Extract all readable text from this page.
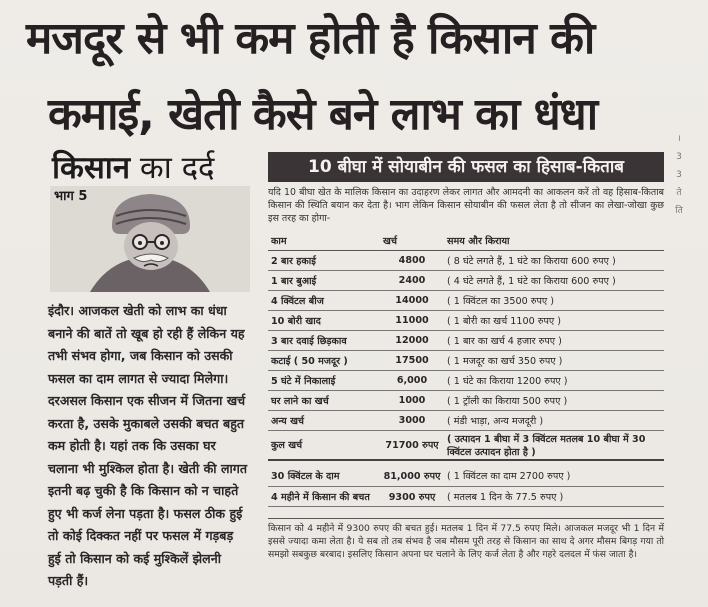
मजदूर से भी कम होती है किसान की
कमाई, खेती कैसे बने लाभ का धंधा
किसान का दर्द
भाग 5
इंदौर। आजकल खेती को लाभ का धंधा बनाने की बातें तो खूब हो रही हैं लेकिन यह तभी संभव होगा, जब किसान को उसकी फसल का दाम लागत से ज्यादा मिलेगा। दरअसल किसान एक सीजन में जितना खर्च करता है, उसके मुकाबले उसकी बचत बहुत कम होती है। यहां तक कि उसका घर चलाना भी मुश्किल होता है। खेती की लागत इतनी बढ़ चुकी है कि किसान को न चाहते हुए भी कर्ज लेना पड़ता है। फसल ठीक हुई तो कोई दिक्कत नहीं पर फसल में गड़बड़ हुई तो किसान को कई मुश्किलें झेलनी पड़ती हैं।
।
3
3
ते
ति
10 बीघा में सोयाबीन की फसल का हिसाब-किताब
यदि 10 बीघा खेत के मालिक किसान का उदाहरण लेकर लागत और आमदनी का आकलन करें तो वह हिसाब-किताब किसान की स्थिति बयान कर देता है। भाग लेकिन किसान सोयाबीन की फसल लेता है तो सीजन का लेखा-जोखा कुछ इस तरह का होगा-
काम	खर्च	समय और किराया
2 बार हकाई	4800	( 8 घंटे लगते हैं, 1 घंटे का किराया 600 रुपए )
1 बार बुआई	2400	( 4 घंटे लगते हैं, 1 घंटे का किराया 600 रुपए )
4 क्विंटल बीज	14000	( 1 क्विंटल का 3500 रुपए )
10 बोरी खाद	11000	( 1 बोरी का खर्च 1100 रुपए )
3 बार दवाई छिड़काव	12000	( 1 बार का खर्च 4 हजार रुपए )
कटाई ( 50 मजदूर )	17500	( 1 मजदूर का खर्च 350 रुपए )
5 घंटे में निकालाई	6,000	( 1 घंटे का किराया 1200 रुपए )
घर लाने का खर्च	1000	( 1 ट्रॉली का किराया 500 रुपए )
अन्य खर्च	3000	( मंडी भाड़ा, अन्य मजदूरी )
कुल खर्च	71700 रुपए	( उत्पादन 1 बीघा में 3 क्विंटल मतलब 10 बीघा में 30 क्विंटल उत्पादन होता है )

30 क्विंटल के दाम	81,000 रुपए	( 1 क्विंटल का दाम 2700 रुपए )
4 महीने में किसान की बचत	9300 रुपए	( मतलब 1 दिन के 77.5 रुपए )
किसान को 4 महीने में 9300 रुपए की बचत हुई। मतलब 1 दिन में 77.5 रुपए मिले। आजकल मजदूर भी 1 दिन में इससे ज्यादा कमा लेता है। ये सब तो तब संभव है जब मौसम पूरी तरह से किसान का साथ दे अगर मौसम बिगड़ गया तो समझो सबकुछ बरबाद। इसलिए किसान अपना घर चलाने के लिए कर्ज लेता है और गहरे दलदल में फंस जाता है।
